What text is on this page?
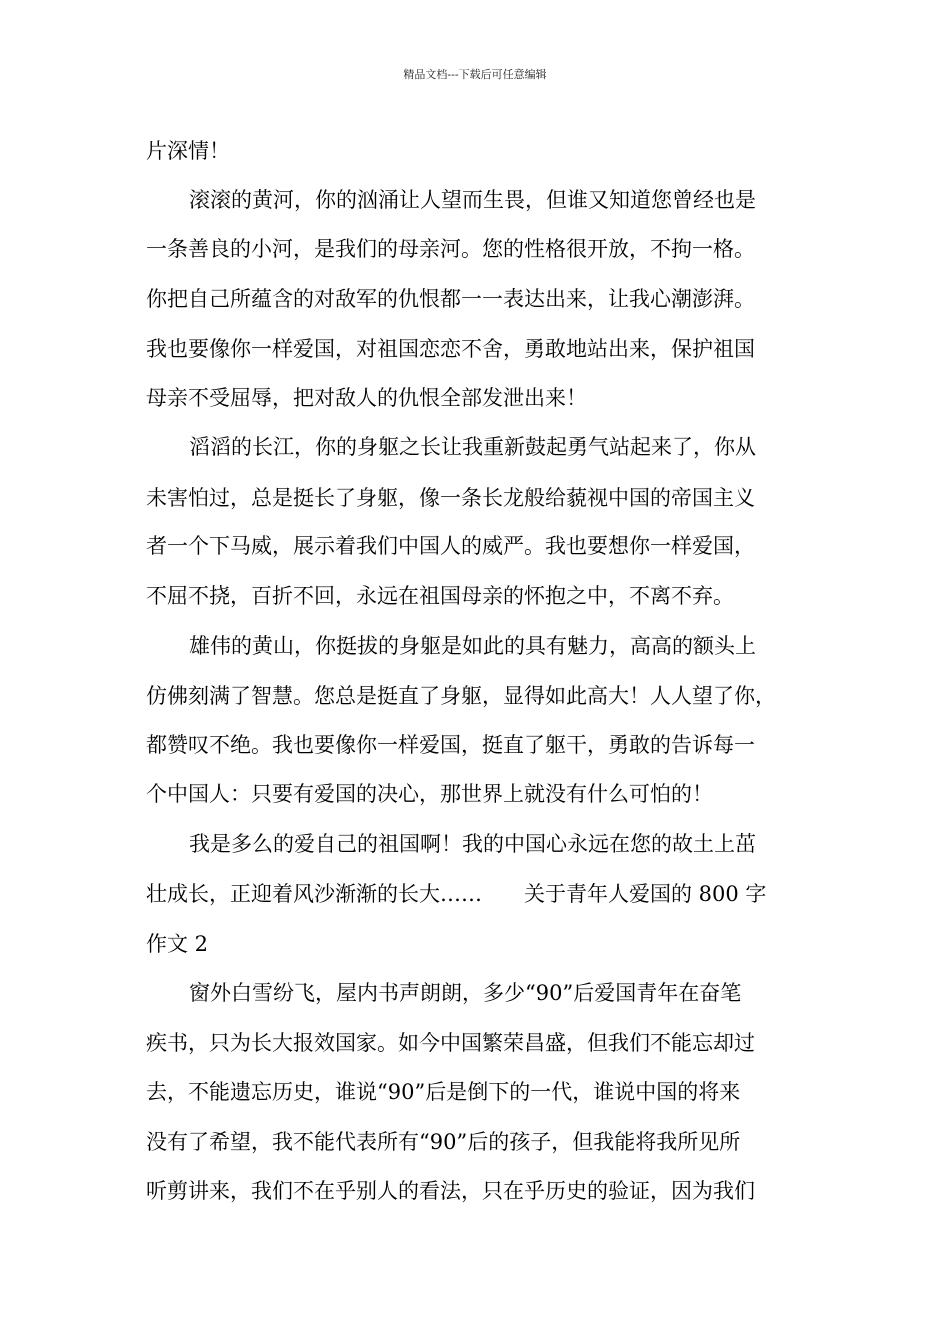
精品文档---下载后可任意编辑
片深情！
滚滚的黄河，你的汹涌让人望而生畏，但谁又知道您曾经也是
一条善良的小河，是我们的母亲河。您的性格很开放，不拘一格。
你把自己所蕴含的对敌军的仇恨都一一表达出来，让我心潮澎湃。
我也要像你一样爱国，对祖国恋恋不舍，勇敢地站出来，保护祖国
母亲不受屈辱，把对敌人的仇恨全部发泄出来！
滔滔的长江，你的身躯之长让我重新鼓起勇气站起来了，你从
未害怕过，总是挺长了身躯，像一条长龙般给藐视中国的帝国主义
者一个下马威，展示着我们中国人的威严。我也要想你一样爱国，
不屈不挠，百折不回，永远在祖国母亲的怀抱之中，不离不弃。
雄伟的黄山，你挺拔的身躯是如此的具有魅力，高高的额头上
仿佛刻满了智慧。您总是挺直了身躯，显得如此高大！人人望了你，
都赞叹不绝。我也要像你一样爱国，挺直了躯干，勇敢的告诉每一
个中国人：只要有爱国的决心，那世界上就没有什么可怕的！
我是多么的爱自己的祖国啊！我的中国心永远在您的故土上茁
壮成长，正迎着风沙渐渐的长大……　　关于青年人爱国的 800 字
作文 2
窗外白雪纷飞，屋内书声朗朗，多少“90”后爱国青年在奋笔
疾书，只为长大报效国家。如今中国繁荣昌盛，但我们不能忘却过
去，不能遗忘历史，谁说“90”后是倒下的一代，谁说中国的将来
没有了希望，我不能代表所有“90”后的孩子，但我能将我所见所
听剪讲来，我们不在乎别人的看法，只在乎历史的验证，因为我们
